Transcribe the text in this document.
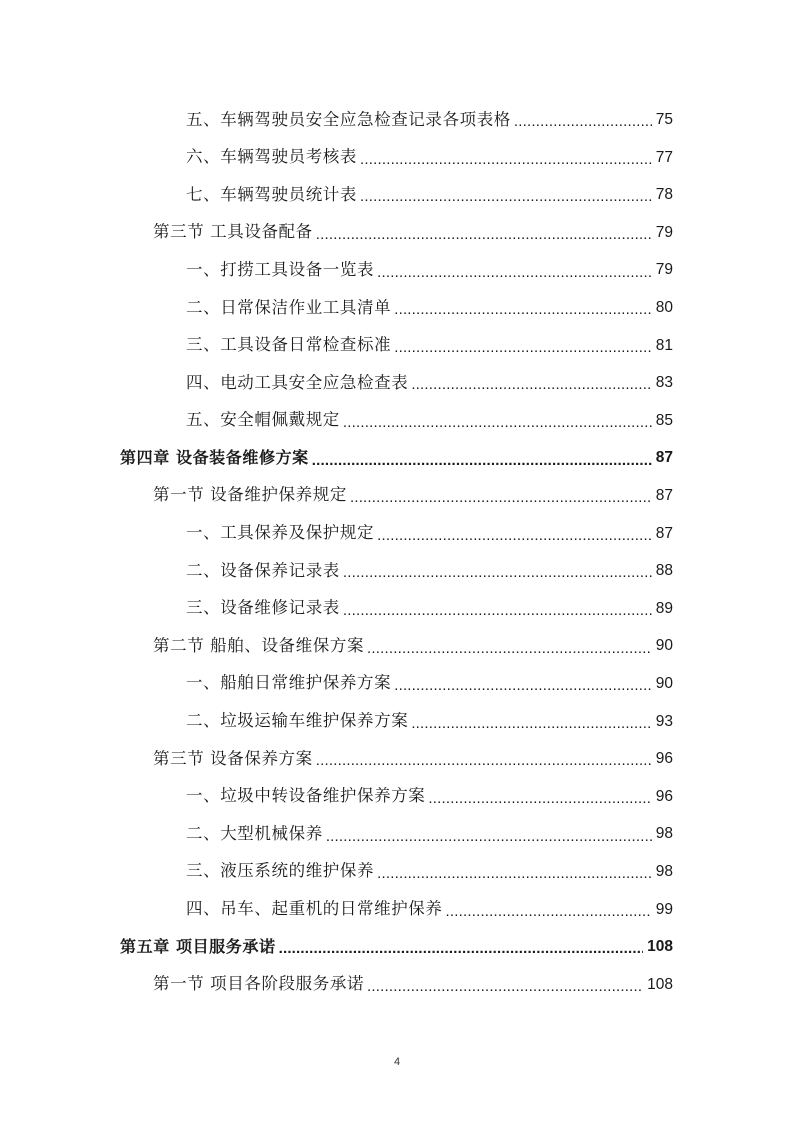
五、车辆驾驶员安全应急检查记录各项表格 .....	75
六、车辆驾驶员考核表 .....	77
七、车辆驾驶员统计表 .....	78
第三节 工具设备配备 .....	79
一、打捞工具设备一览表 .....	79
二、日常保洁作业工具清单 .....	80
三、工具设备日常检查标准 .....	81
四、电动工具安全应急检查表 .....	83
五、安全帽佩戴规定 .....	85
第四章 设备装备维修方案 .....	87
第一节 设备维护保养规定 .....	87
一、工具保养及保护规定 .....	87
二、设备保养记录表 .....	88
三、设备维修记录表 .....	89
第二节 船舶、设备维保方案 .....	90
一、船舶日常维护保养方案 .....	90
二、垃圾运输车维护保养方案 .....	93
第三节 设备保养方案 .....	96
一、垃圾中转设备维护保养方案 .....	96
二、大型机械保养 .....	98
三、液压系统的维护保养 .....	98
四、吊车、起重机的日常维护保养 .....	99
第五章 项目服务承诺 .....	108
第一节 项目各阶段服务承诺 .....	108
4
